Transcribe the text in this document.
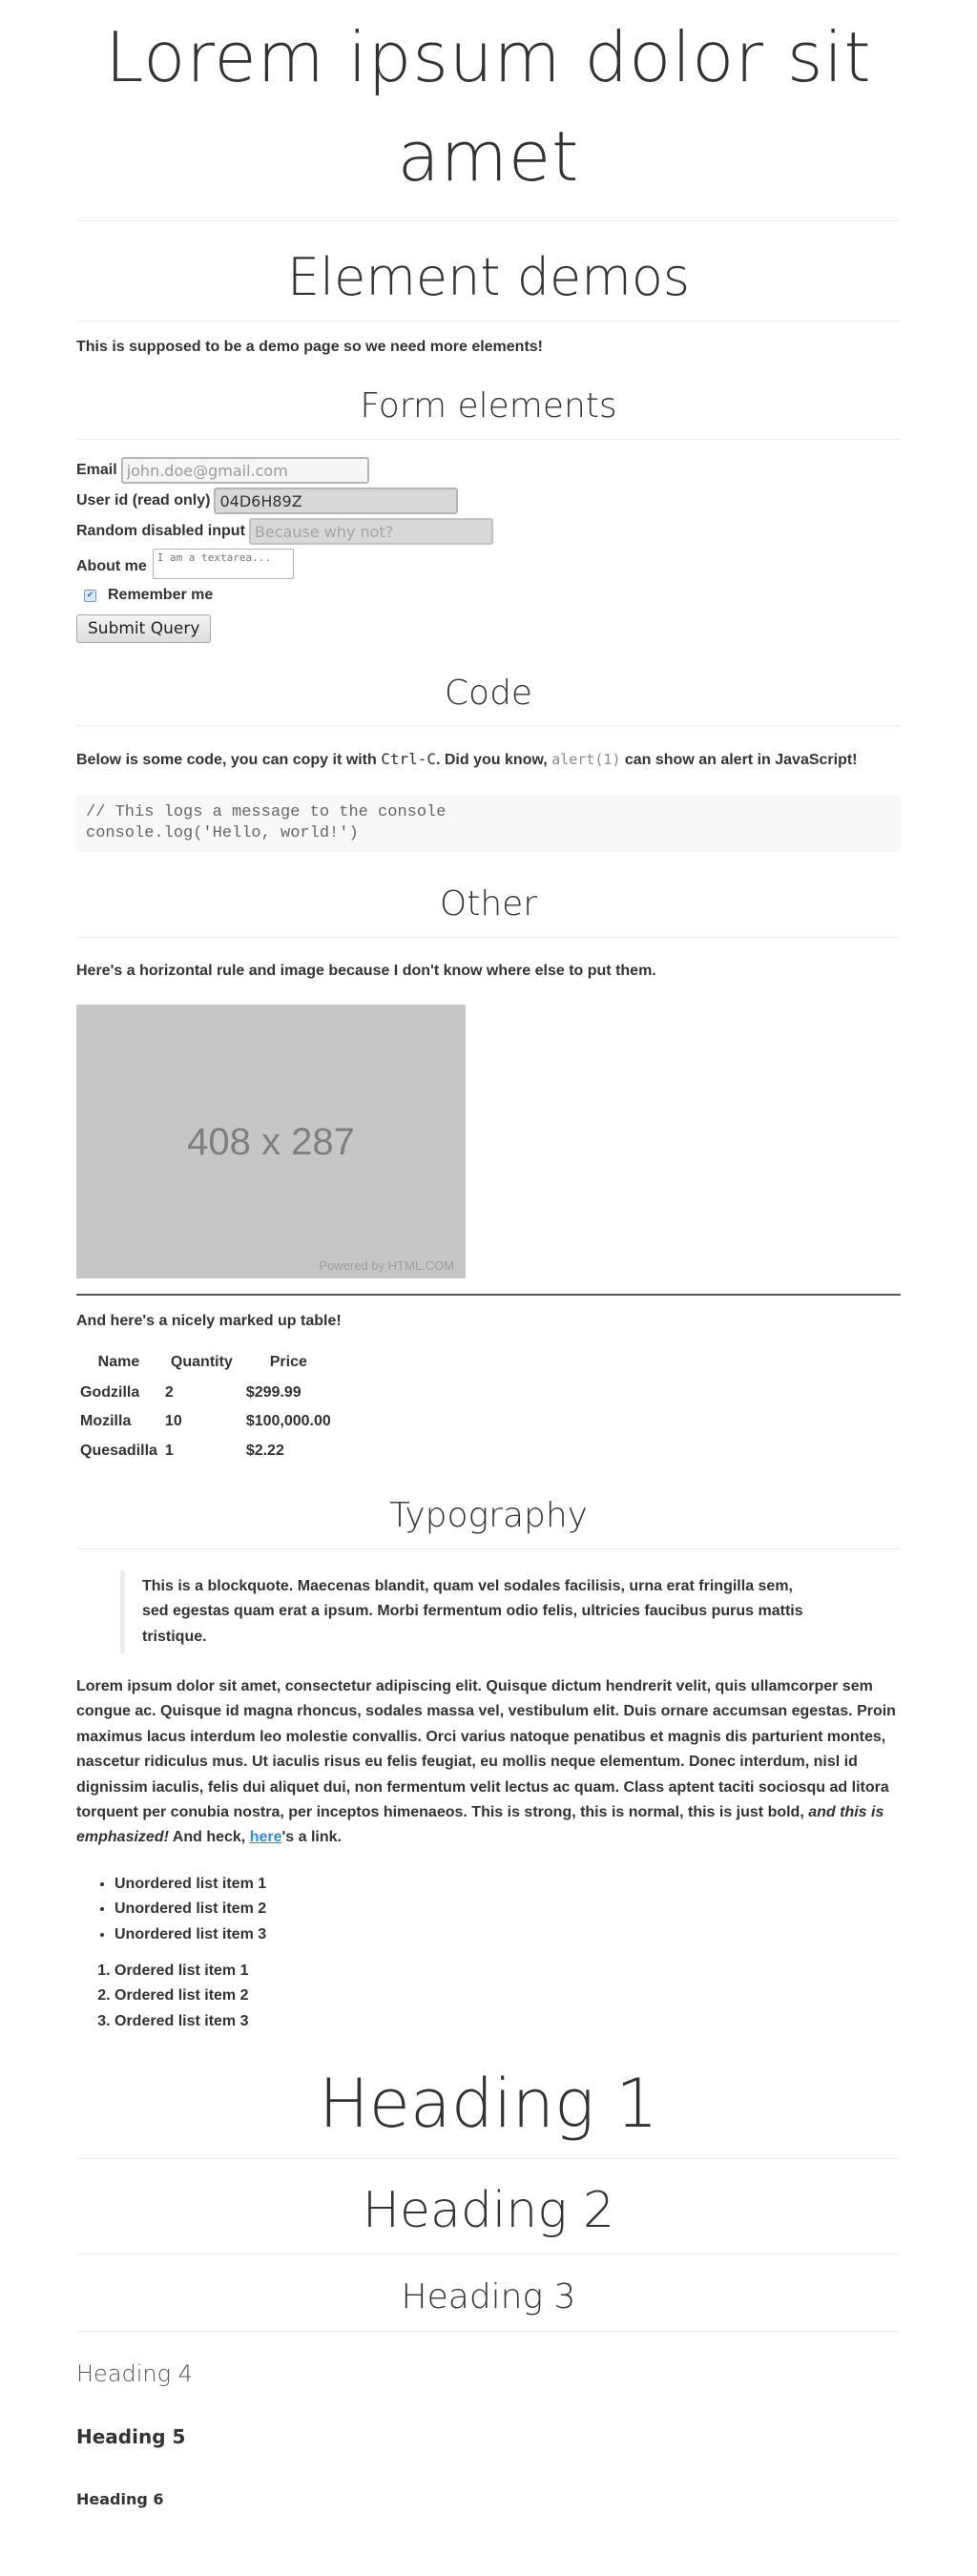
Lorem ipsum dolor sit amet
Element demos

This is supposed to be a demo page so we need more elements!

Form elements
Email
john.doe@gmail.com
User id (read only)
04D6H89Z
Random disabled input
Because why not?
About me
I am a textarea...
✔ Remember me
Submit Query
Code

Below is some code, you can copy it with Ctrl-C. Did you know, alert(1) can show an alert in JavaScript!

// This logs a message to the console
console.log('Hello, world!')
Other

Here's a horizontal rule and image because I don't know where else to put them.

408 x 287
Powered by HTML.COM

And here's a nicely marked up table!

Name	Quantity	Price
Godzilla	2	$299.99
Mozilla	10	$100,000.00
Quesadilla	1	$2.22
Typography

This is a blockquote. Maecenas blandit, quam vel sodales facilisis, urna erat fringilla sem, sed egestas quam erat a ipsum. Morbi fermentum odio felis, ultricies faucibus purus mattis tristique.

Lorem ipsum dolor sit amet, consectetur adipiscing elit. Quisque dictum hendrerit velit, quis ullamcorper sem congue ac. Quisque id magna rhoncus, sodales massa vel, vestibulum elit. Duis ornare accumsan egestas. Proin maximus lacus interdum leo molestie convallis. Orci varius natoque penatibus et magnis dis parturient montes, nascetur ridiculus mus. Ut iaculis risus eu felis feugiat, eu mollis neque elementum. Donec interdum, nisl id dignissim iaculis, felis dui aliquet dui, non fermentum velit lectus ac quam. Class aptent taciti sociosqu ad litora torquent per conubia nostra, per inceptos himenaeos. This is strong, this is normal, this is just bold, and this is emphasized! And heck, here's a link.

• Unordered list item 1
• Unordered list item 2
• Unordered list item 3
1. Ordered list item 1
2. Ordered list item 2
3. Ordered list item 3
Heading 1
Heading 2
Heading 3
Heading 4
Heading 5
Heading 6
